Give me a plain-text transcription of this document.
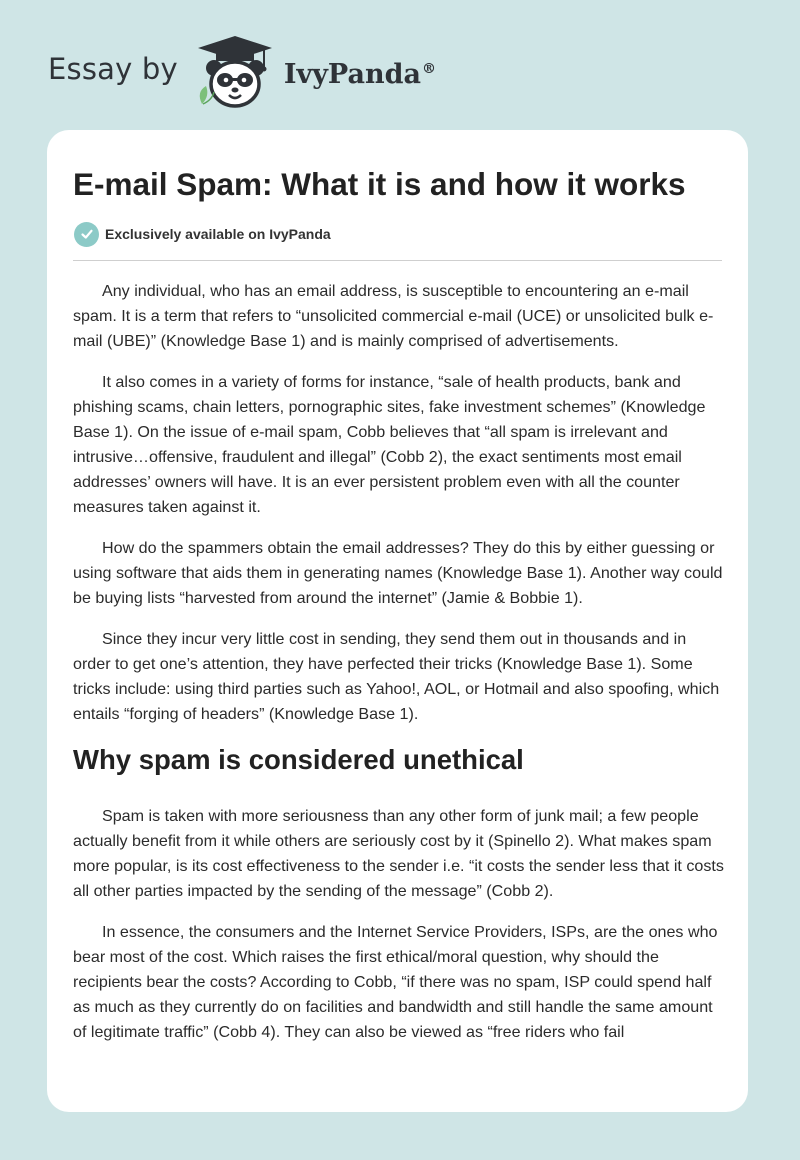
Essay by	IvyPanda®
E-mail Spam: What it is and how it works
Exclusively available on IvyPanda

Any individual, who has an email address, is susceptible to encountering an e-mail spam. It is a term that refers to “unsolicited commercial e-mail (UCE) or unsolicited bulk e-mail (UBE)” (Knowledge Base 1) and is mainly comprised of advertisements.

It also comes in a variety of forms for instance, “sale of health products, bank and phishing scams, chain letters, pornographic sites, fake investment schemes” (Knowledge Base 1). On the issue of e-mail spam, Cobb believes that “all spam is irrelevant and intrusive…offensive, fraudulent and illegal” (Cobb 2), the exact sentiments most email addresses’ owners will have. It is an ever persistent problem even with all the counter measures taken against it.

How do the spammers obtain the email addresses? They do this by either guessing or using software that aids them in generating names (Knowledge Base 1). Another way could be buying lists “harvested from around the internet” (Jamie & Bobbie 1).

Since they incur very little cost in sending, they send them out in thousands and in order to get one’s attention, they have perfected their tricks (Knowledge Base 1). Some tricks include: using third parties such as Yahoo!, AOL, or Hotmail and also spoofing, which entails “forging of headers” (Knowledge Base 1).

Why spam is considered unethical

Spam is taken with more seriousness than any other form of junk mail; a few people actually benefit from it while others are seriously cost by it (Spinello 2). What makes spam more popular, is its cost effectiveness to the sender i.e. “it costs the sender less that it costs all other parties impacted by the sending of the message” (Cobb 2).

In essence, the consumers and the Internet Service Providers, ISPs, are the ones who bear most of the cost. Which raises the first ethical/moral question, why should the recipients bear the costs? According to Cobb, “if there was no spam, ISP could spend half as much as they currently do on facilities and bandwidth and still handle the same amount of legitimate traffic” (Cobb 4). They can also be viewed as “free riders who fail
